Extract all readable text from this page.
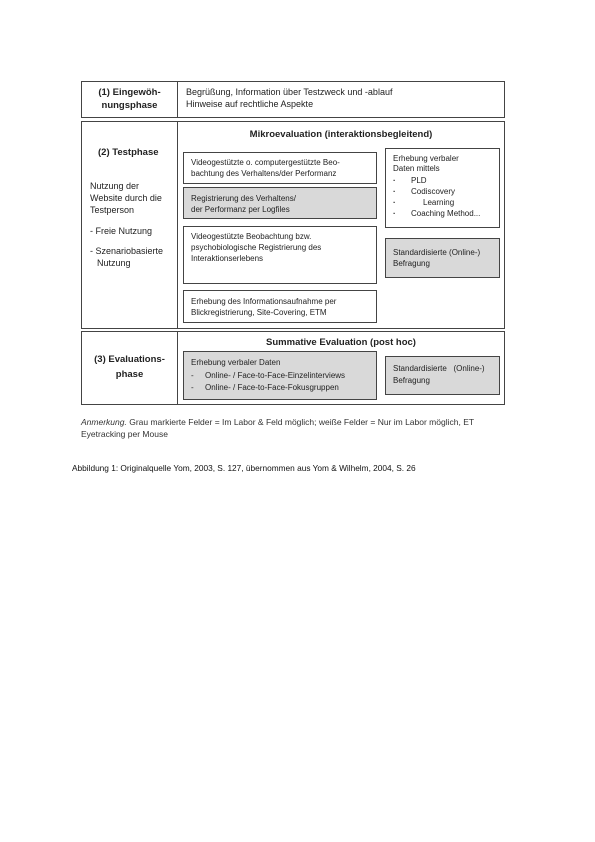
(1) Eingewöh-
nungsphase
Begrüßung, Information über Testzweck und -ablauf
Hinweise auf rechtliche Aspekte
(2) Testphase
Nutzung der
Website durch die
Testperson
- Freie Nutzung
- Szenariobasierte
Nutzung
Mikroevaluation (interaktionsbegleitend)
Videogestützte o. computergestützte Beo-
bachtung des Verhaltens/der Performanz
Registrierung des Verhaltens/
der Performanz per Logfiles
Videogestützte Beobachtung bzw.
psychobiologische Registrierung des
Interaktionserlebens
Erhebung des Informationsaufnahme per
Blickregistrierung, Site-Covering, ETM
Erhebung verbaler
Daten mittels
· PLD
· Codiscovery
· Learning
· Coaching Method...
Standardisierte (Online-)
Befragung
(3) Evaluations-
phase
Summative Evaluation (post hoc)
Erhebung verbaler Daten
- Online- / Face-to-Face-Einzelinterviews
- Online- / Face-to-Face-Fokusgruppen
Standardisierte   (Online-)
Befragung
Anmerkung. Grau markierte Felder = Im Labor & Feld möglich; weiße Felder = Nur im Labor möglich, ET
Eyetracking per Mouse
Abbildung 1: Originalquelle Yom, 2003, S. 127, übernommen aus Yom & Wilhelm, 2004, S. 26
